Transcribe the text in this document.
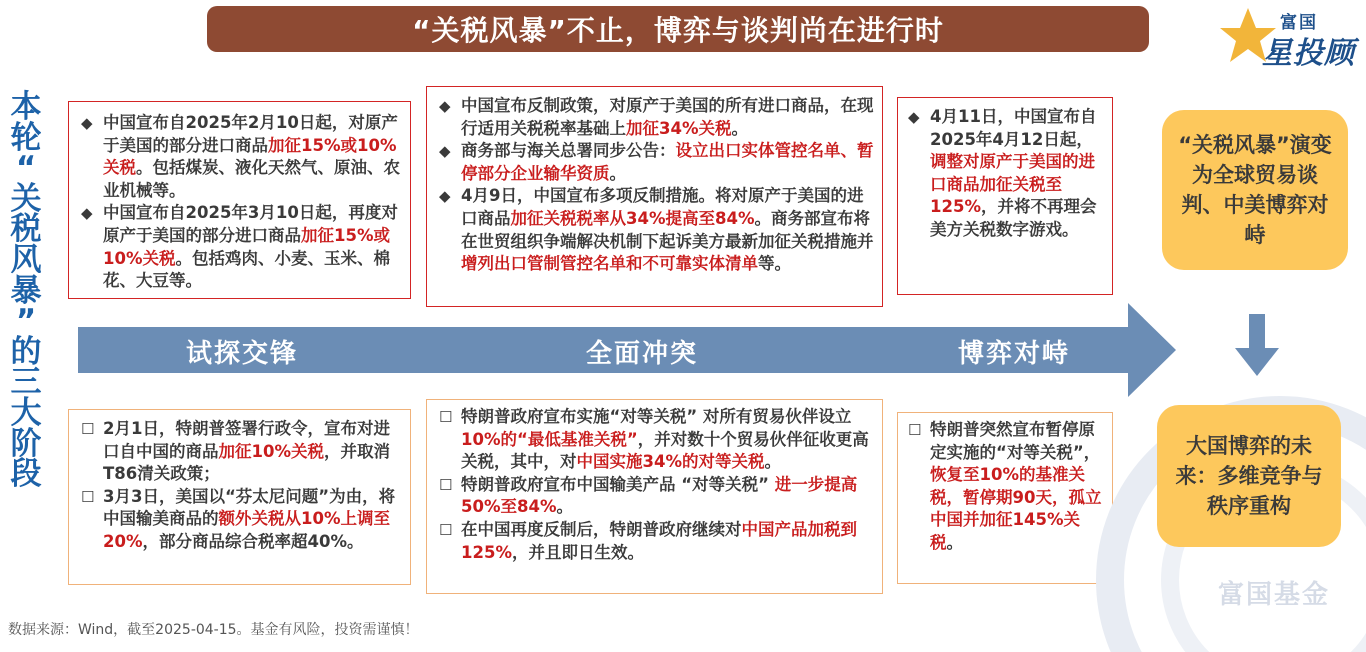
“关税风暴”不止，博弈与谈判尚在进行时	富国
星投顾
本
轮
“
关
税
风
暴
”
的
三
大
阶
段
◆ 中国宣布自2025年2月10日起，对原产于美国的部分进口商品加征15%或10%关税。包括煤炭、液化天然气、原油、农业机械等。
◆ 中国宣布自2025年3月10日起，再度对原产于美国的部分进口商品加征15%或10%关税。包括鸡肉、小麦、玉米、棉花、大豆等。
◆ 中国宣布反制政策，对原产于美国的所有进口商品，在现行适用关税税率基础上加征34%关税。
◆ 商务部与海关总署同步公告：设立出口实体管控名单、暂停部分企业输华资质。
◆ 4月9日，中国宣布多项反制措施。将对原产于美国的进口商品加征关税税率从34%提高至84%。商务部宣布将在世贸组织争端解决机制下起诉美方最新加征关税措施并增列出口管制管控名单和不可靠实体清单等。
◆ 4月11日，中国宣布自2025年4月12日起，调整对原产于美国的进口商品加征关税至125%，并将不再理会美方关税数字游戏。
试探交锋	全面冲突	博弈对峙
☐ 2月1日，特朗普签署行政令，宣布对进口自中国的商品加征10%关税，并取消T86清关政策；
☐ 3月3日，美国以“芬太尼问题”为由，将中国输美商品的额外关税从10%上调至20%，部分商品综合税率超40%。
☐ 特朗普政府宣布实施“对等关税” 对所有贸易伙伴设立10%的“最低基准关税”，并对数十个贸易伙伴征收更高关税，其中，对中国实施34%的对等关税。
☐ 特朗普政府宣布中国输美产品 “对等关税” 进一步提高50%至84%。
☐ 在中国再度反制后，特朗普政府继续对中国产品加税到125%，并且即日生效。
☐ 特朗普突然宣布暂停原定实施的“对等关税”，恢复至10%的基准关税，暂停期90天，孤立中国并加征145%关税。
“关税风暴”演变为全球贸易谈判、中美博弈对峙
富国基金
大国博弈的未来：多维竞争与秩序重构
数据来源：Wind，截至2025-04-15。基金有风险，投资需谨慎！
